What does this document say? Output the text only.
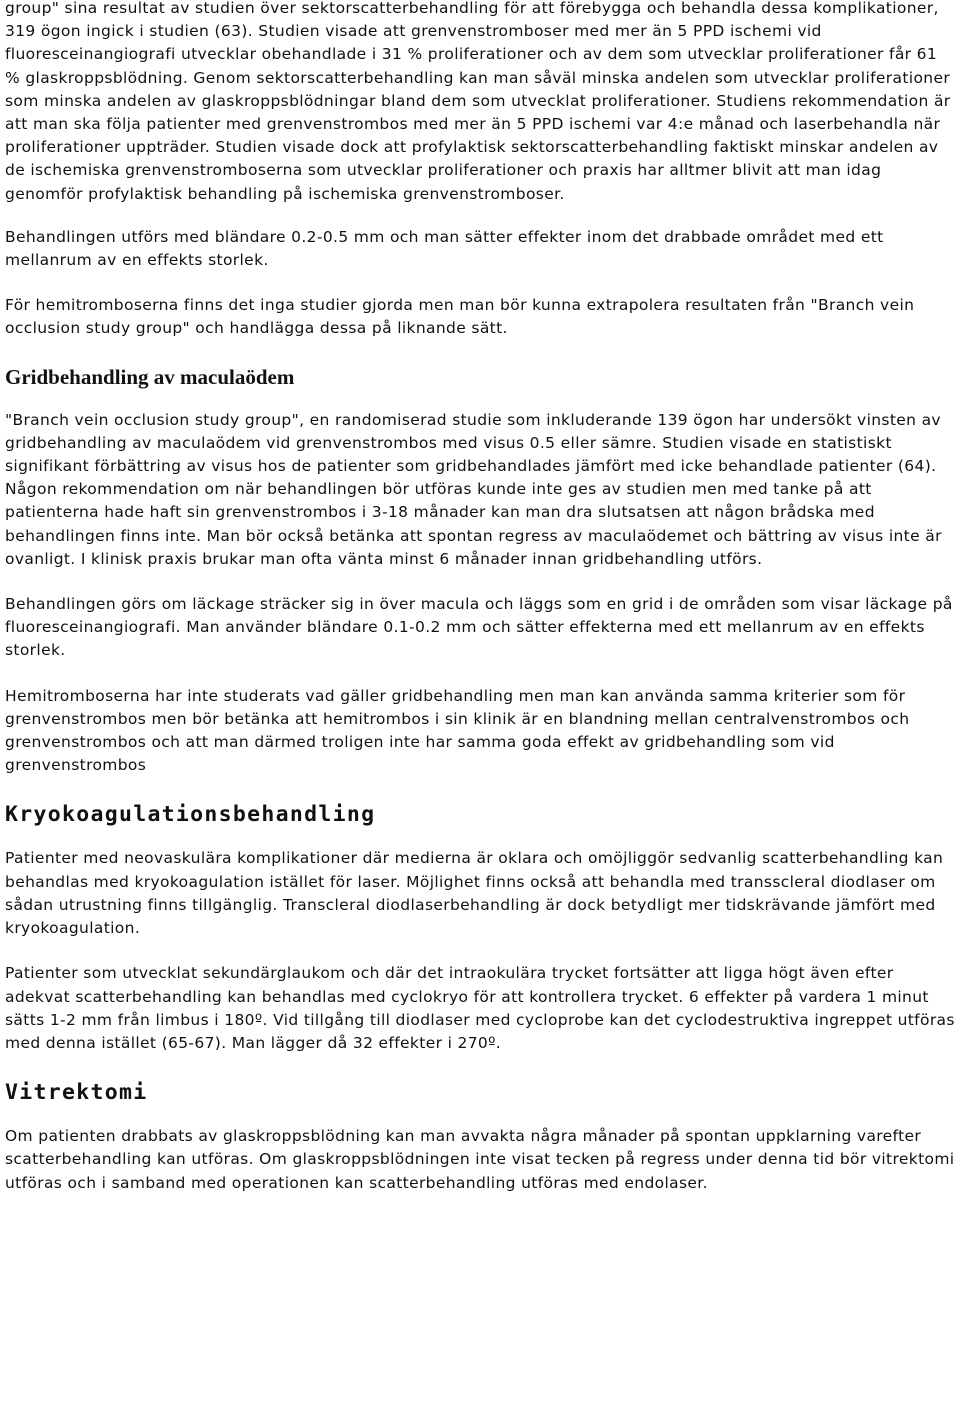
group" sina resultat av studien över sektorscatterbehandling för att förebygga och behandla dessa komplikationer, 319 ögon ingick i studien (63). Studien visade att grenvenstromboser med mer än 5 PPD ischemi vid fluoresceinangiografi utvecklar obehandlade i 31 % proliferationer och av dem som utvecklar proliferationer får 61 % glaskroppsblödning. Genom sektorscatterbehandling kan man såväl minska andelen som utvecklar proliferationer som minska andelen av glaskroppsblödningar bland dem som utvecklat proliferationer. Studiens rekommendation är att man ska följa patienter med grenvenstrombos med mer än 5 PPD ischemi var 4:e månad och laserbehandla när proliferationer uppträder. Studien visade dock att profylaktisk sektorscatterbehandling faktiskt minskar andelen av de ischemiska grenvenstromboserna som utvecklar proliferationer och praxis har alltmer blivit att man idag genomför profylaktisk behandling på ischemiska grenvenstromboser.

Behandlingen utförs med bländare 0.2-0.5 mm och man sätter effekter inom det drabbade området med ett mellanrum av en effekts storlek.

För hemitromboserna finns det inga studier gjorda men man bör kunna extrapolera resultaten från "Branch vein occlusion study group" och handlägga dessa på liknande sätt.

Gridbehandling av maculaödem

"Branch vein occlusion study group", en randomiserad studie som inkluderande 139 ögon har undersökt vinsten av gridbehandling av maculaödem vid grenvenstrombos med visus 0.5 eller sämre. Studien visade en statistiskt signifikant förbättring av visus hos de patienter som gridbehandlades jämfört med icke behandlade patienter (64). Någon rekommendation om när behandlingen bör utföras kunde inte ges av studien men med tanke på att patienterna hade haft sin grenvenstrombos i 3-18 månader kan man dra slutsatsen att någon brådska med behandlingen finns inte. Man bör också betänka att spontan regress av maculaödemet och bättring av visus inte är ovanligt. I klinisk praxis brukar man ofta vänta minst 6 månader innan gridbehandling utförs.

Behandlingen görs om läckage sträcker sig in över macula och läggs som en grid i de områden som visar läckage på fluoresceinangiografi. Man använder bländare 0.1-0.2 mm och sätter effekterna med ett mellanrum av en effekts storlek.

Hemitromboserna har inte studerats vad gäller gridbehandling men man kan använda samma kriterier som för grenvenstrombos men bör betänka att hemitrombos i sin klinik är en blandning mellan centralvenstrombos och grenvenstrombos och att man därmed troligen inte har samma goda effekt av gridbehandling som vid grenvenstrombos

Kryokoagulationsbehandling

Patienter med neovaskulära komplikationer där medierna är oklara och omöjliggör sedvanlig scatterbehandling kan behandlas med kryokoagulation istället för laser. Möjlighet finns också att behandla med transscleral diodlaser om sådan utrustning finns tillgänglig. Transcleral diodlaserbehandling är dock betydligt mer tidskrävande jämfört med kryokoagulation.

Patienter som utvecklat sekundärglaukom och där det intraokulära trycket fortsätter att ligga högt även efter adekvat scatterbehandling kan behandlas med cyclokryo för att kontrollera trycket. 6 effekter på vardera 1 minut sätts 1-2 mm från limbus i 180º. Vid tillgång till diodlaser med cycloprobe kan det cyclodestruktiva ingreppet utföras med denna istället (65-67). Man lägger då 32 effekter i 270º.

Vitrektomi

Om patienten drabbats av glaskroppsblödning kan man avvakta några månader på spontan uppklarning varefter scatterbehandling kan utföras. Om glaskroppsblödningen inte visat tecken på regress under denna tid bör vitrektomi utföras och i samband med operationen kan scatterbehandling utföras med endolaser.
